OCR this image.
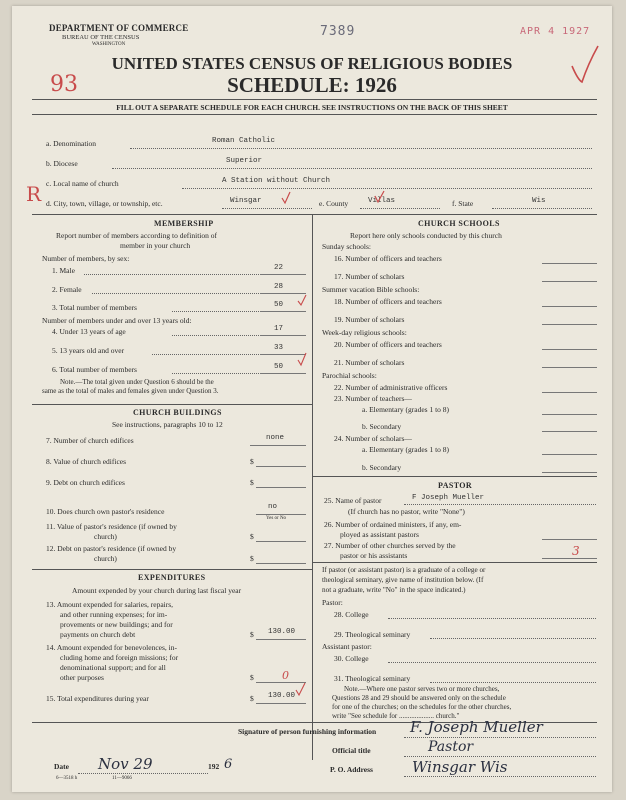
DEPARTMENT OF COMMERCE
BUREAU OF THE CENSUS
WASHINGTON
7389	APR 4 1927
93
UNITED STATES CENSUS OF RELIGIOUS BODIES
SCHEDULE: 1926
FILL OUT A SEPARATE SCHEDULE FOR EACH CHURCH. SEE INSTRUCTIONS ON THE BACK OF THIS SHEET
a. Denomination	Roman Catholic
b. Diocese	Superior
c. Local name of church	A Station without Church
R d. City, town, village, or township, etc.	Winsgar	e. County	Villas	f. State	Wis
MEMBERSHIP
Report number of members according to definition of
member in your church
Number of members, by sex:
1. Male	22
2. Female	28
3. Total number of members	50
Number of members under and over 13 years old:
4. Under 13 years of age	17
5. 13 years old and over	33
6. Total number of members	50
Note.—The total given under Question 6 should be the
same as the total of males and females given under Question 3.
CHURCH BUILDINGS
See instructions, paragraphs 10 to 12
7. Number of church edifices	none
8. Value of church edifices	$
9. Debt on church edifices	$
10. Does church own pastor's residence	no
Yes or No
11. Value of pastor's residence (if owned by
church)	$
12. Debt on pastor's residence (if owned by
church)	$
EXPENDITURES
Amount expended by your church during last fiscal year
13. Amount expended for salaries, repairs,
and other running expenses; for im-
provements or new buildings; and for
payments on church debt	$ 130.00
14. Amount expended for benevolences, in-
cluding home and foreign missions; for
denominational support; and for all
other purposes	$	0
15. Total expenditures during year	$ 130.00
CHURCH SCHOOLS
Report here only schools conducted by this church
Sunday schools:
16. Number of officers and teachers
17. Number of scholars
Summer vacation Bible schools:
18. Number of officers and teachers
19. Number of scholars
Week-day religious schools:
20. Number of officers and teachers
21. Number of scholars
Parochial schools:
22. Number of administrative officers
23. Number of teachers—
a. Elementary (grades 1 to 8)
b. Secondary
24. Number of scholars—
a. Elementary (grades 1 to 8)
b. Secondary
PASTOR
25. Name of pastor	F Joseph Mueller
(If church has no pastor, write "None")
26. Number of ordained ministers, if any, em-
ployed as assistant pastors
27. Number of other churches served by the
pastor or his assistants	3
If pastor (or assistant pastor) is a graduate of a college or
theological seminary, give name of institution below. (If
not a graduate, write "No" in the space indicated.)
Pastor:
28. College
29. Theological seminary
Assistant pastor:
30. College
31. Theological seminary
Note.—Where one pastor serves two or more churches,
Questions 28 and 29 should be answered only on the schedule
for one of the churches; on the schedules for the other churches,
write "See schedule for .................... church."
Signature of person furnishing information F. Joseph Mueller
Official title	Pastor
Date Nov 29	192 6	P. O. Address	Winsgar Wis
6—3518 h	11—9066
